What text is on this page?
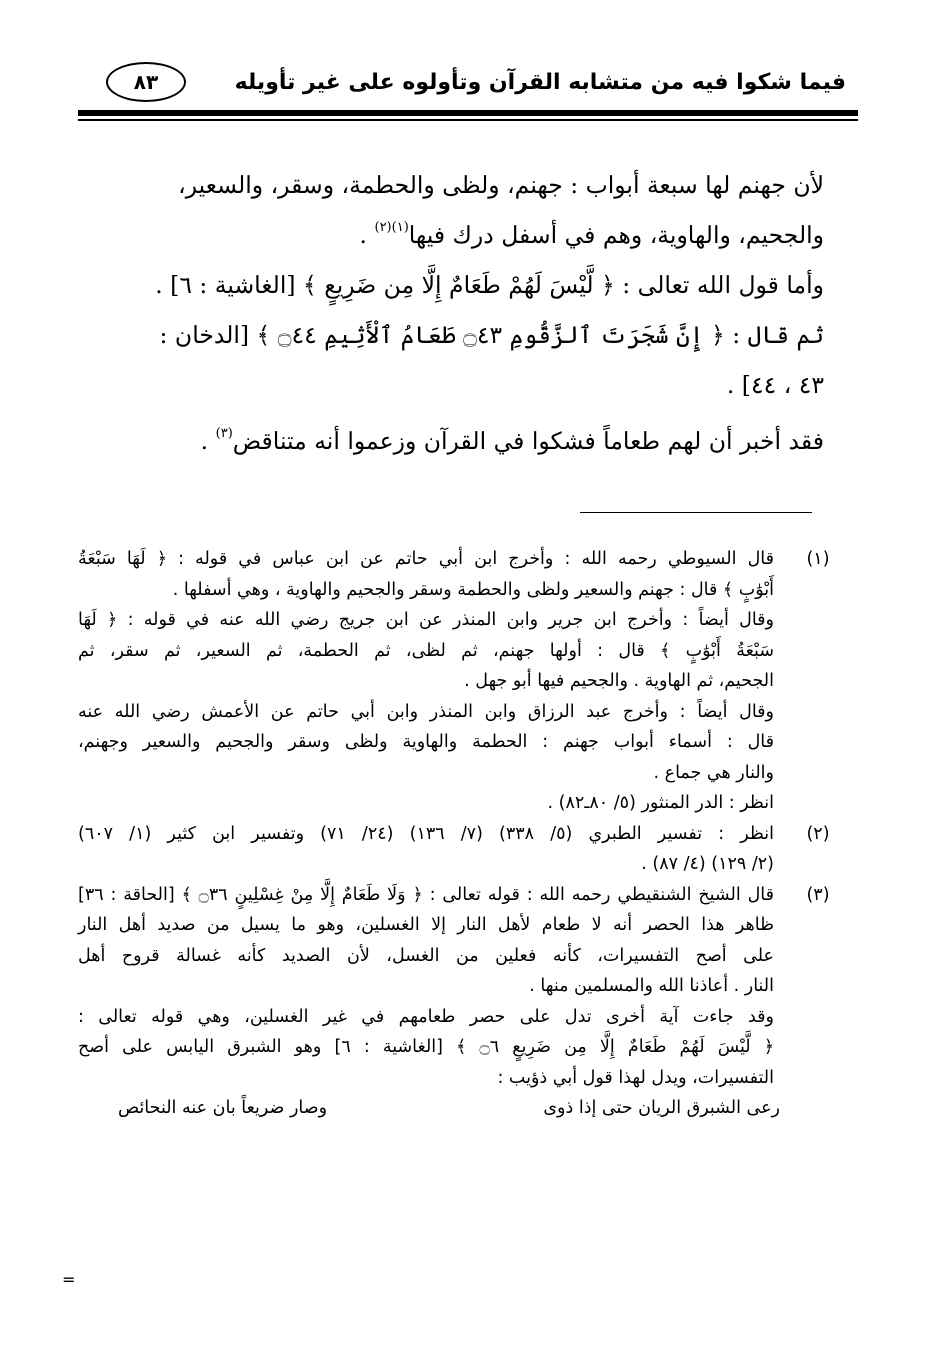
فيما شكوا فيه من متشابه القرآن وتأولوه على غير تأويله
٨٣

لأن جهنم لها سبعة أبواب : جهنم، ولظى والحطمة، وسقر، والسعير،

والجحيم، والهاوية، وهم في أسفل درك فيها$^{(١)(٢)}$ .

وأما قول الله تعالى : ﴿ لَّيْسَ لَهُمْ طَعَامٌ إِلَّا مِن ضَرِيعٍ ﴾ [الغاشية : ٦] .

ثم قال : ﴿ إِنَّ شَجَرَتَ ٱلزَّقُّومِ ۝٤٣ طَعَامُ ٱلْأَثِيمِ ۝٤٤ ﴾ [الدخان :

٤٣ ، ٤٤] .

فقد أخبر أن لهم طعاماً فشكوا في القرآن وزعموا أنه متناقض$^{(٣)}$ .

(١)
قال السيوطي رحمه الله : وأخرج ابن أبي حاتم عن ابن عباس في قوله : ﴿ لَهَا سَبْعَةُ
أَبْوَٰبٍ ﴾ قال : جهنم والسعير ولظى والحطمة وسقر والجحيم والهاوية ، وهي أسفلها .
وقال أيضاً : وأخرج ابن جرير وابن المنذر عن ابن جريج رضي الله عنه في قوله : ﴿ لَهَا
سَبْعَةُ أَبْوَٰبٍ ﴾ قال : أولها جهنم، ثم لظى، ثم الحطمة، ثم السعير، ثم سقر، ثم
الجحيم، ثم الهاوية . والجحيم فيها أبو جهل .
وقال أيضاً : وأخرج عبد الرزاق وابن المنذر وابن أبي حاتم عن الأعمش رضي الله عنه
قال : أسماء أبواب جهنم : الحطمة والهاوية ولظى وسقر والجحيم والسعير وجهنم،
والنار هي جماع .
انظر : الدر المنثور (٥/ ٨٠ـ٨٢) .
(٢)
انظر : تفسير الطبري (٥/ ٣٣٨) (٧/ ١٣٦) (٢٤/ ٧١) وتفسير ابن كثير (١/ ٦٠٧)
(٢/ ١٢٩) (٤/ ٨٧) .
(٣)
قال الشيخ الشنقيطي رحمه الله : قوله تعالى : ﴿ وَلَا طَعَامٌ إِلَّا مِنْ غِسْلِينٍ ۝٣٦ ﴾ [الحاقة : ٣٦]
ظاهر هذا الحصر أنه لا طعام لأهل النار إلا الغسلين، وهو ما يسيل من صديد أهل النار
على أصح التفسيرات، كأنه فعلين من الغسل، لأن الصديد كأنه غسالة قروح أهل
النار . أعاذنا الله والمسلمين منها .
وقد جاءت آية أخرى تدل على حصر طعامهم في غير الغسلين، وهي قوله تعالى :
﴿ لَّيْسَ لَهُمْ طَعَامٌ إِلَّا مِن ضَرِيعٍ ۝٦ ﴾ [الغاشية : ٦] وهو الشبرق اليابس على أصح
التفسيرات، ويدل لهذا قول أبي ذؤيب :
رعى الشبرق الريان حتى إذا ذوى
وصار ضريعاً بان عنه النحائص
=
